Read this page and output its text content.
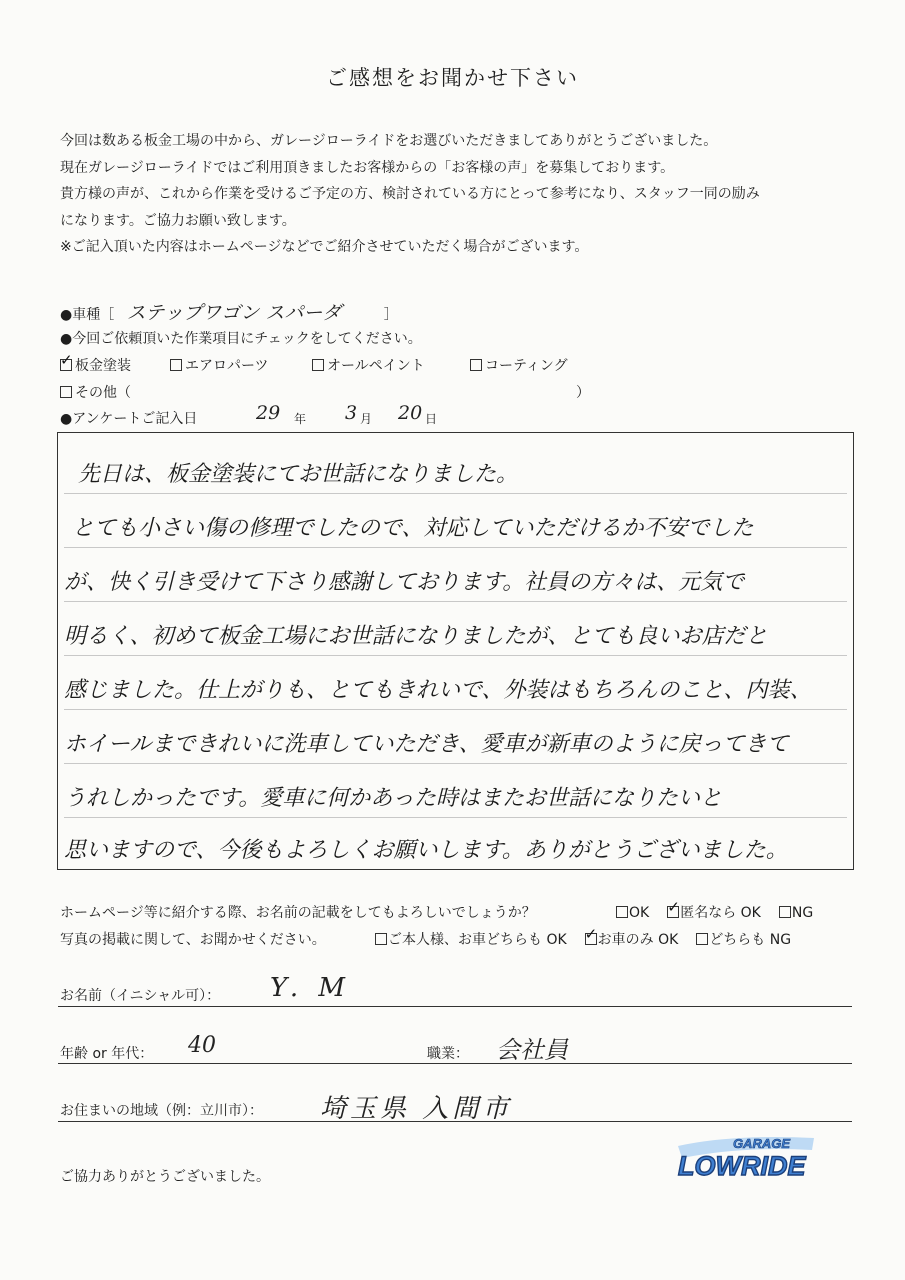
ご感想をお聞かせ下さい
今回は数ある板金工場の中から、ガレージローライドをお選びいただきましてありがとうございました。
現在ガレージローライドではご利用頂きましたお客様からの「お客様の声」を募集しております。
貴方様の声が、これから作業を受けるご予定の方、検討されている方にとって参考になり、スタッフ一同の励み
になります。ご協力お願い致します。
※ご記入頂いた内容はホームページなどでご紹介させていただく場合がございます。
●車種［ ステップワゴン スパーダ	］
●今回ご依頼頂いた作業項目にチェックをしてください。
✓ 板金塗装	エアロパーツ	オールペイント	コーティング
その他（	）
●アンケートご記入日	29 年 3 月 20 日
先日は、板金塗装にてお世話になりました。
とても小さい傷の修理でしたので、対応していただけるか不安でした
が、快く引き受けて下さり感謝しております。社員の方々は、元気で
明るく、初めて板金工場にお世話になりましたが、とても良いお店だと
感じました。仕上がりも、とてもきれいで、外装はもちろんのこと、内装、
ホイールまできれいに洗車していただき、愛車が新車のように戻ってきて
うれしかったです。愛車に何かあった時はまたお世話になりたいと
思いますので、今後もよろしくお願いします。ありがとうございました。
ホームページ等に紹介する際、お名前の記載をしてもよろしいでしょうか？	OK ✓ 匿名なら OK NG
写真の掲載に関して、お聞かせください。	ご本人様、お車どちらも OK ✓ お車のみ OK どちらも NG
お名前（イニシャル可）： Y. M
年齢 or 年代： 40	職業： 会社員
お住まいの地域（例：立川市）： 埼玉県 入間市
ご協力ありがとうございました。
GARAGE
LOWRIDE
